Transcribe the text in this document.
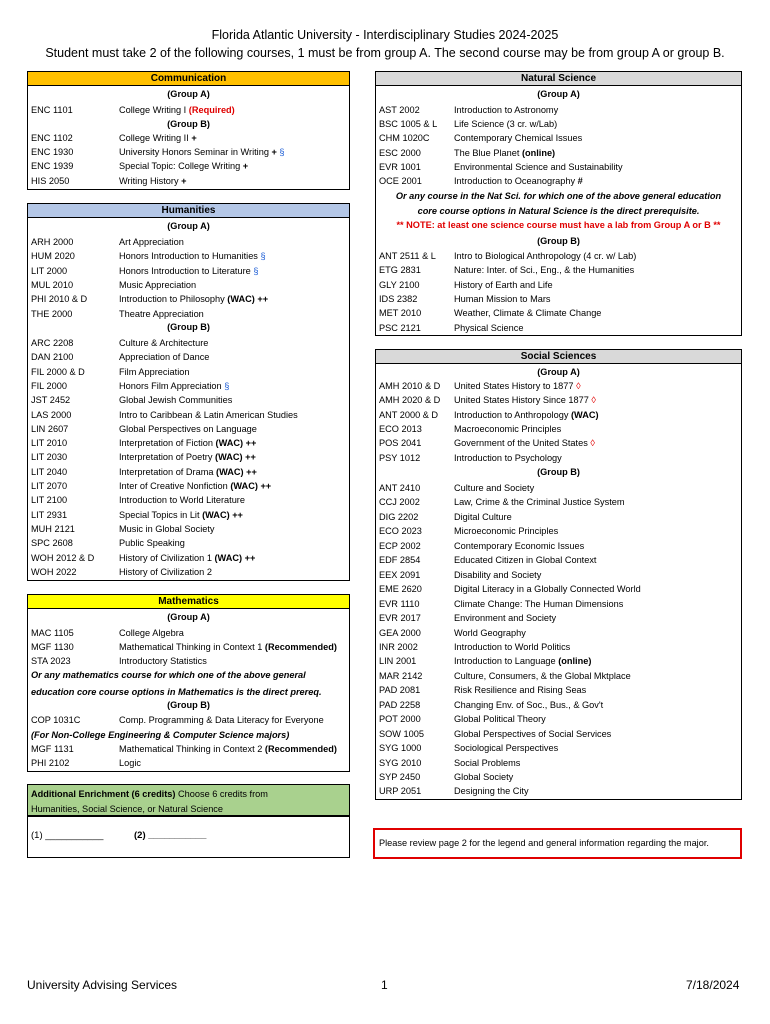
Florida Atlantic University - Interdisciplinary Studies 2024-2025
Student must take 2 of the following courses, 1 must be from group A. The second course may be from group A or group B.
Communication
(Group A)
ENC 1101	College Writing I (Required)
(Group B)
ENC 1102	College Writing II +
ENC 1930	University Honors Seminar in Writing + §
ENC 1939	Special Topic: College Writing +
HIS 2050	Writing History +
Humanities
(Group A)
ARH 2000	Art Appreciation
HUM 2020	Honors Introduction to Humanities §
LIT 2000	Honors Introduction to Literature §
MUL 2010	Music Appreciation
PHI 2010 & D	Introduction to Philosophy (WAC) ++
THE 2000	Theatre Appreciation
(Group B)
ARC 2208	Culture & Architecture
DAN 2100	Appreciation of Dance
FIL 2000 & D	Film Appreciation
FIL 2000	Honors Film Appreciation §
JST 2452	Global Jewish Communities
LAS 2000	Intro to Caribbean & Latin American Studies
LIN 2607	Global Perspectives on Language
LIT 2010	Interpretation of Fiction (WAC) ++
LIT 2030	Interpretation of Poetry (WAC) ++
LIT 2040	Interpretation of Drama (WAC) ++
LIT 2070	Inter of Creative Nonfiction (WAC) ++
LIT 2100	Introduction to World Literature
LIT 2931	Special Topics in Lit (WAC) ++
MUH 2121	Music in Global Society
SPC 2608	Public Speaking
WOH 2012 & D	History of Civilization 1 (WAC) ++
WOH 2022	History of Civilization 2
Mathematics
(Group A)
MAC 1105	College Algebra
MGF 1130	Mathematical Thinking in Context 1 (Recommended)
STA 2023	Introductory Statistics
Or any mathematics course for which one of the above general
education core course options in Mathematics is the direct prereq.
(Group B)
COP 1031C	Comp. Programming & Data Literacy for Everyone
(For Non-College Engineering & Computer Science majors)
MGF 1131	Mathematical Thinking in Context 2 (Recommended)
PHI 2102	Logic
Additional Enrichment (6 credits) Choose 6 credits from
Humanities, Social Science, or Natural Science
(1) ___________	(2) ___________
Natural Science
(Group A)
AST 2002	Introduction to Astronomy
BSC 1005 & L Life Science (3 cr. w/Lab)
CHM 1020C	Contemporary Chemical Issues
ESC 2000	The Blue Planet (online)
EVR 1001	Environmental Science and Sustainability
OCE 2001	Introduction to Oceanography #
Or any course in the Nat Sci. for which one of the above general education
core course options in Natural Science is the direct prerequisite.
** NOTE: at least one science course must have a lab from Group A or B **
(Group B)
ANT 2511 & L Intro to Biological Anthropology (4 cr. w/ Lab)
ETG 2831	Nature: Inter. of Sci., Eng., & the Humanities
GLY 2100	History of Earth and Life
IDS 2382	Human Mission to Mars
MET 2010	Weather, Climate & Climate Change
PSC 2121	Physical Science
Social Sciences
(Group A)
AMH 2010 & D United States History to 1877 ◊
AMH 2020 & D United States History Since 1877 ◊
ANT 2000 & D Introduction to Anthropology (WAC)
ECO 2013	Macroeconomic Principles
POS 2041	Government of the United States ◊
PSY 1012	Introduction to Psychology
(Group B)
ANT 2410	Culture and Society
CCJ 2002	Law, Crime & the Criminal Justice System
DIG 2202	Digital Culture
ECO 2023	Microeconomic Principles
ECP 2002	Contemporary Economic Issues
EDF 2854	Educated Citizen in Global Context
EEX 2091	Disability and Society
EME 2620	Digital Literacy in a Globally Connected World
EVR 1110	Climate Change: The Human Dimensions
EVR 2017	Environment and Society
GEA 2000	World Geography
INR 2002	Introduction to World Politics
LIN 2001	Introduction to Language (online)
MAR 2142	Culture, Consumers, & the Global Mktplace
PAD 2081	Risk Resilience and Rising Seas
PAD 2258	Changing Env. of Soc., Bus., & Gov't
POT 2000	Global Political Theory
SOW 1005	Global Perspectives of Social Services
SYG 1000	Sociological Perspectives
SYG 2010	Social Problems
SYP 2450	Global Society
URP 2051	Designing the City
Please review page 2 for the legend and general information regarding the major.
University Advising Services	1	7/18/2024
